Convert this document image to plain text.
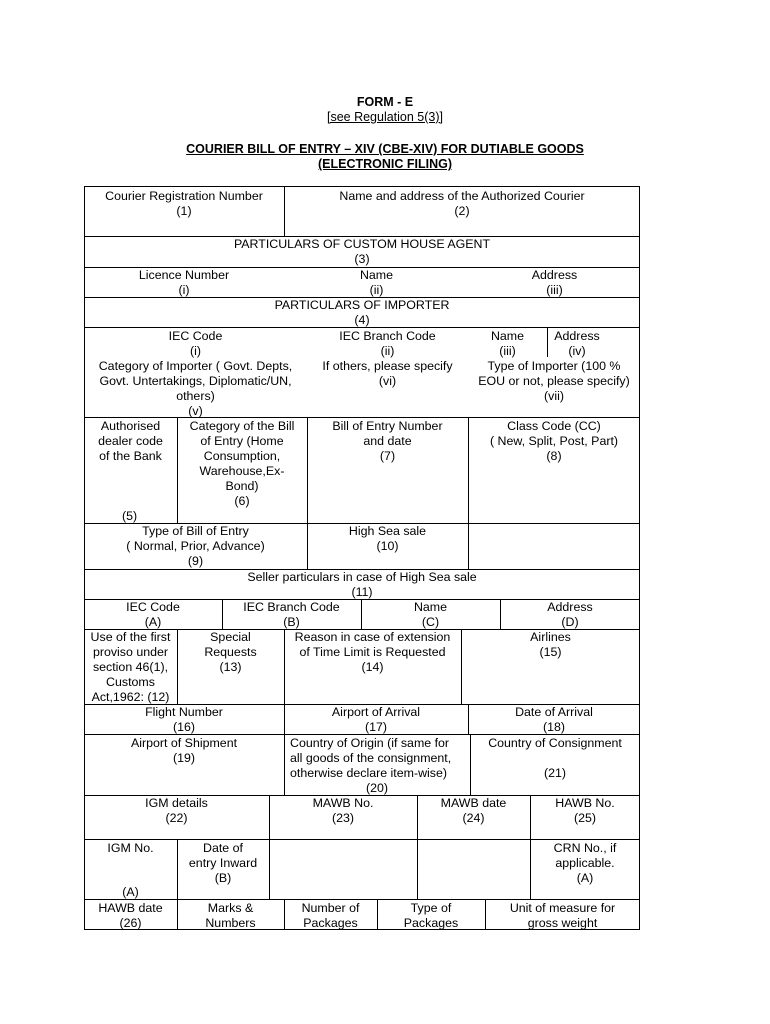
FORM - E
[see Regulation 5(3)]
COURIER BILL OF ENTRY – XIV (CBE-XIV) FOR DUTIABLE GOODS
(ELECTRONIC FILING)
Courier Registration Number
(1)
Name and address of the Authorized Courier
(2)
PARTICULARS OF CUSTOM HOUSE AGENT
(3)
Licence Number
(i)
Name
(ii)
Address
(iii)
PARTICULARS OF IMPORTER
(4)
IEC Code
(i)
IEC Branch Code
(ii)
Name
(iii)
Address
(iv)
Category of Importer ( Govt. Depts,
Govt. Untertakings, Diplomatic/UN,
others)
(v)
If others, please specify
(vi)
Type of Importer (100 %
EOU or not, please specify)
(vii)
Authorised
dealer code
of the Bank
(5)
Category of the Bill
of Entry (Home
Consumption,
Warehouse,Ex-
Bond)
(6)
Bill of Entry Number
and date
(7)
Class Code (CC)
( New, Split, Post, Part)
(8)
Type of Bill of Entry
( Normal, Prior, Advance)
(9)
High Sea sale
(10)
Seller particulars in case of High Sea sale
(11)
IEC Code
(A)
IEC Branch Code
(B)
Name
(C)
Address
(D)
Use of the first
proviso under
section 46(1),
Customs
Act,1962: (12)
Special
Requests
(13)
Reason in case of extension
of Time Limit is Requested
(14)
Airlines
(15)
Flight Number
(16)
Airport of Arrival
(17)
Date of Arrival
(18)
Airport of Shipment
(19)
Country of Origin (if same for
all goods of the consignment,
otherwise declare item-wise)
(20)
Country of Consignment
(21)
IGM details
(22)
MAWB No.
(23)
MAWB date
(24)
HAWB No.
(25)
IGM No.
(A)
Date of
entry Inward
(B)
CRN No., if
applicable.
(A)
HAWB date
(26)
Marks &
Numbers
Number of
Packages
Type of
Packages
Unit of measure for
gross weight
